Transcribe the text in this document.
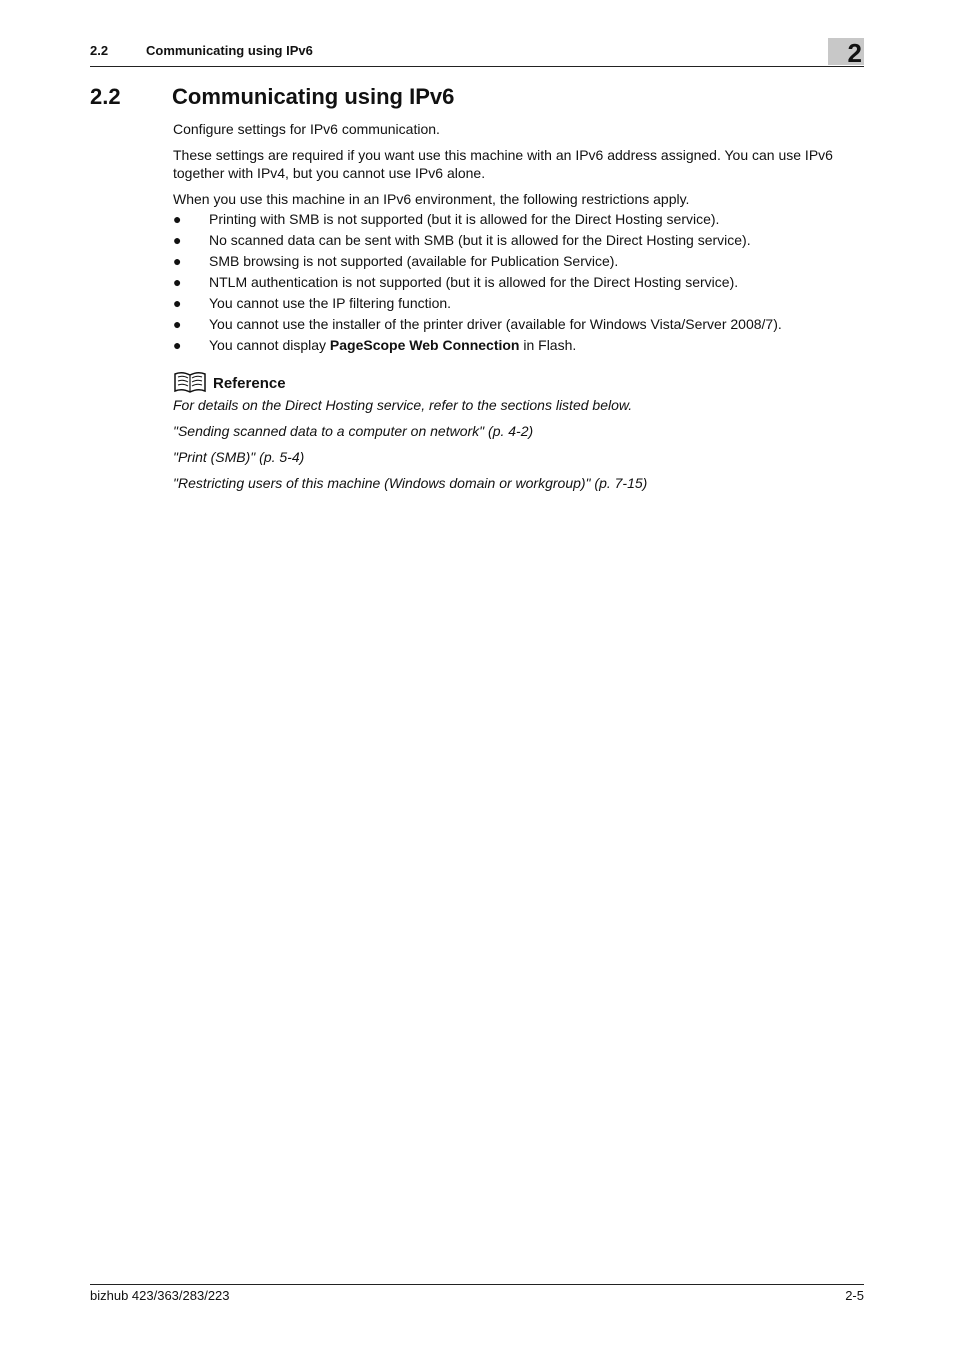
2.2	Communicating using IPv6	2
2.2 Communicating using IPv6

Configure settings for IPv6 communication.

These settings are required if you want use this machine with an IPv6 address assigned. You can use IPv6 together with IPv4, but you cannot use IPv6 alone.

When you use this machine in an IPv6 environment, the following restrictions apply.

● Printing with SMB is not supported (but it is allowed for the Direct Hosting service).
● No scanned data can be sent with SMB (but it is allowed for the Direct Hosting service).
● SMB browsing is not supported (available for Publication Service).
● NTLM authentication is not supported (but it is allowed for the Direct Hosting service).
● You cannot use the IP filtering function.
● You cannot use the installer of the printer driver (available for Windows Vista/Server 2008/7).
● You cannot display PageScope Web Connection in Flash.
Reference

For details on the Direct Hosting service, refer to the sections listed below.

"Sending scanned data to a computer on network" (p. 4-2)

"Print (SMB)" (p. 5-4)

"Restricting users of this machine (Windows domain or workgroup)" (p. 7-15)

bizhub 423/363/283/223	2-5
